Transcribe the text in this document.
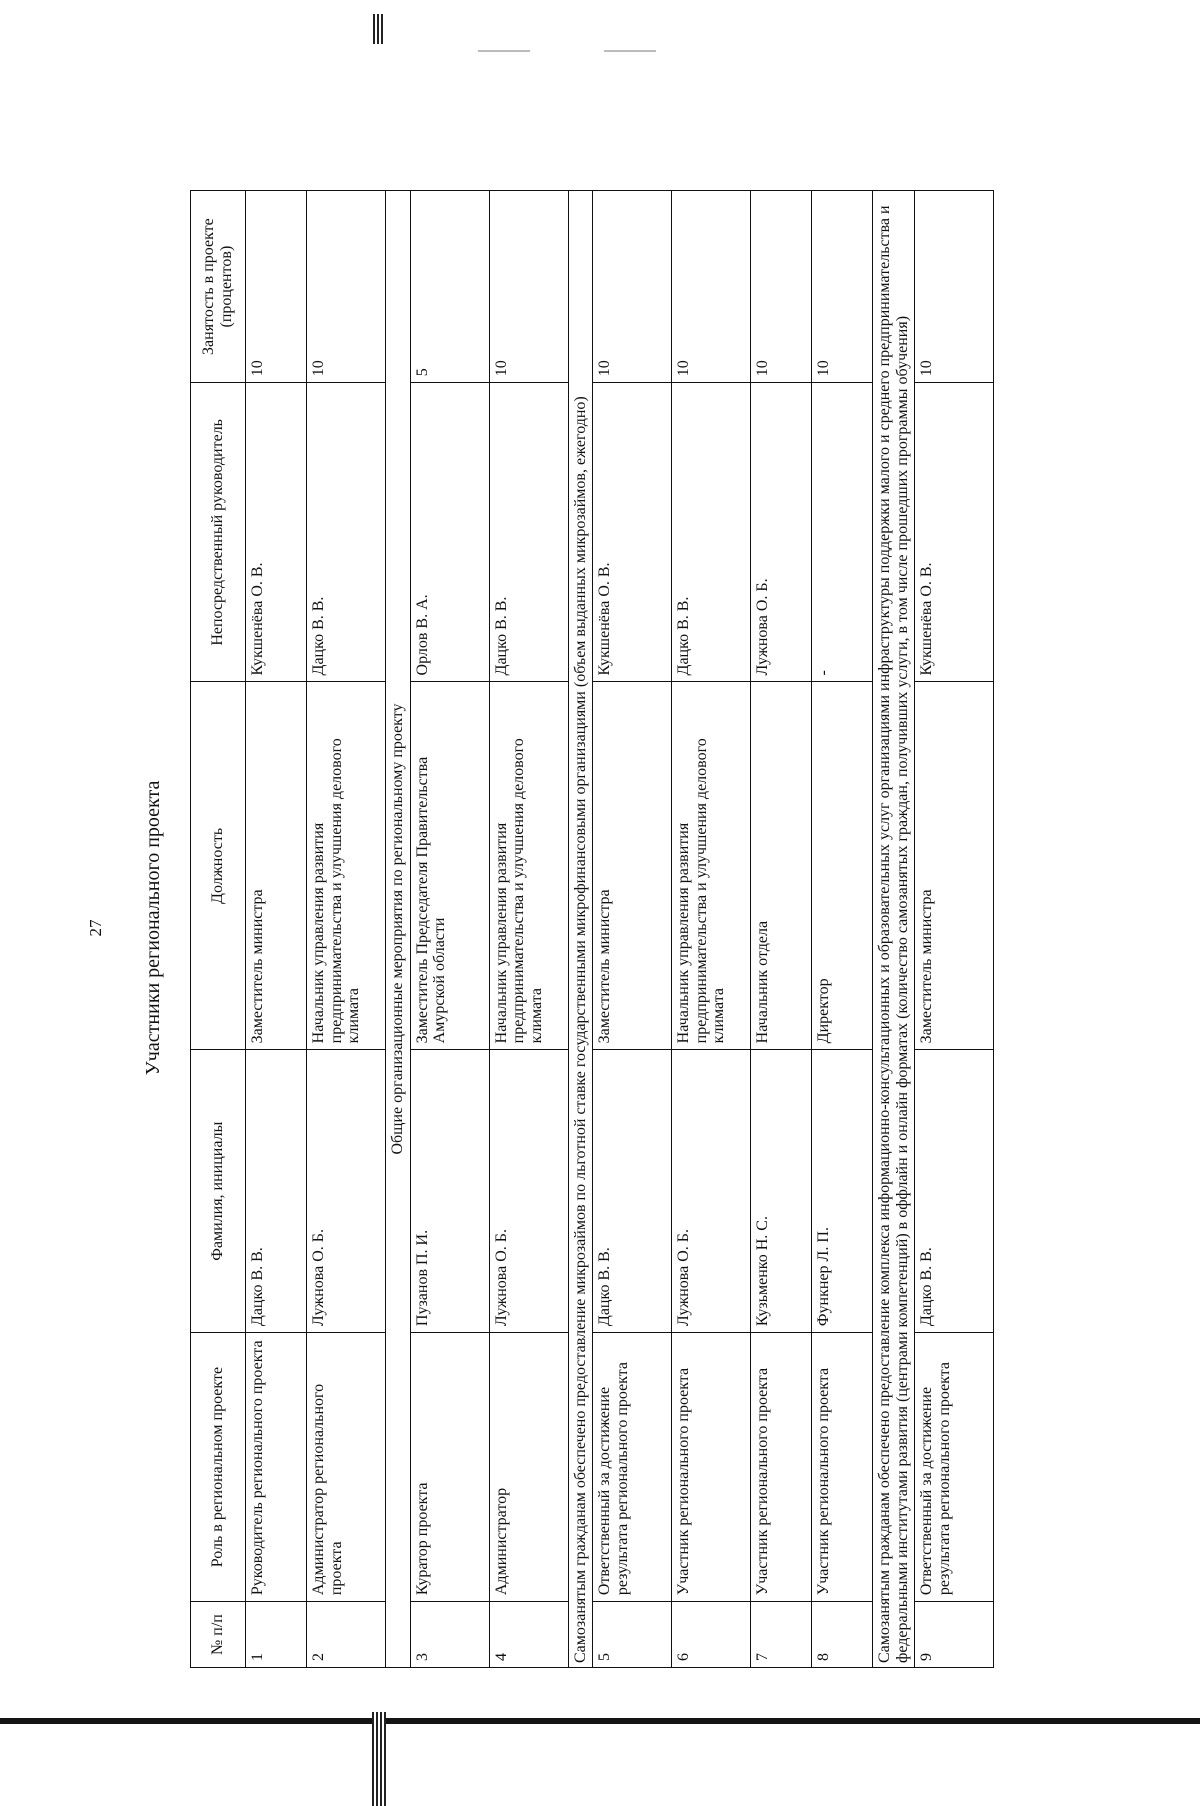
27 Участники регионального проекта
№ п/п	Роль в региональном проекте	Фамилия, инициалы	Должность	Непосредственный руководитель	Занятость в проекте (процентов)
1	Руководитель регионального проекта	Дацко В. В.	Заместитель министра	Кукшенёва О. В.	10
2	Администратор регионального проекта	Лужнова О. Б.	Начальник управления развития предпринимательства и улучшения делового климата	Дацко В. В.	10
Общие организационные мероприятия по региональному проекту					
3	Куратор проекта	Пузанов П. И.	Заместитель Председателя Правительства Амурской области	Орлов В. А.	5
4	Администратор	Лужнова О. Б.	Начальник управления развития предпринимательства и улучшения делового климата	Дацко В. В.	10
Самозанятым гражданам обеспечено предоставление микрозаймов по льготной ставке государственными микрофинансовыми организациями (объем выданных микрозаймов, ежегодно)					
5	Ответственный за достижение результата регионального проекта	Дацко В. В.	Заместитель министра	Кукшенёва О. В.	10
6	Участник регионального проекта	Лужнова О. Б.	Начальник управления развития предпринимательства и улучшения делового климата	Дацко В. В.	10
7	Участник регионального проекта	Кузьменко Н. С.	Начальник отдела	Лужнова О. Б.	10
8	Участник регионального проекта	Функнер Л. П.	Директор	-	10
Самозанятым гражданам обеспечено предоставление комплекса информационно-консультационных и образовательных услуг организациями инфраструктуры поддержки малого и среднего предпринимательства и федеральными институтами развития (центрами компетенций) в оффлайн и онлайн форматах (количество самозанятых граждан, получивших услуги, в том числе прошедших программы обучения)					
9	Ответственный за достижение результата регионального проекта	Дацко В. В.	Заместитель министра	Кукшенёва О. В.	10
